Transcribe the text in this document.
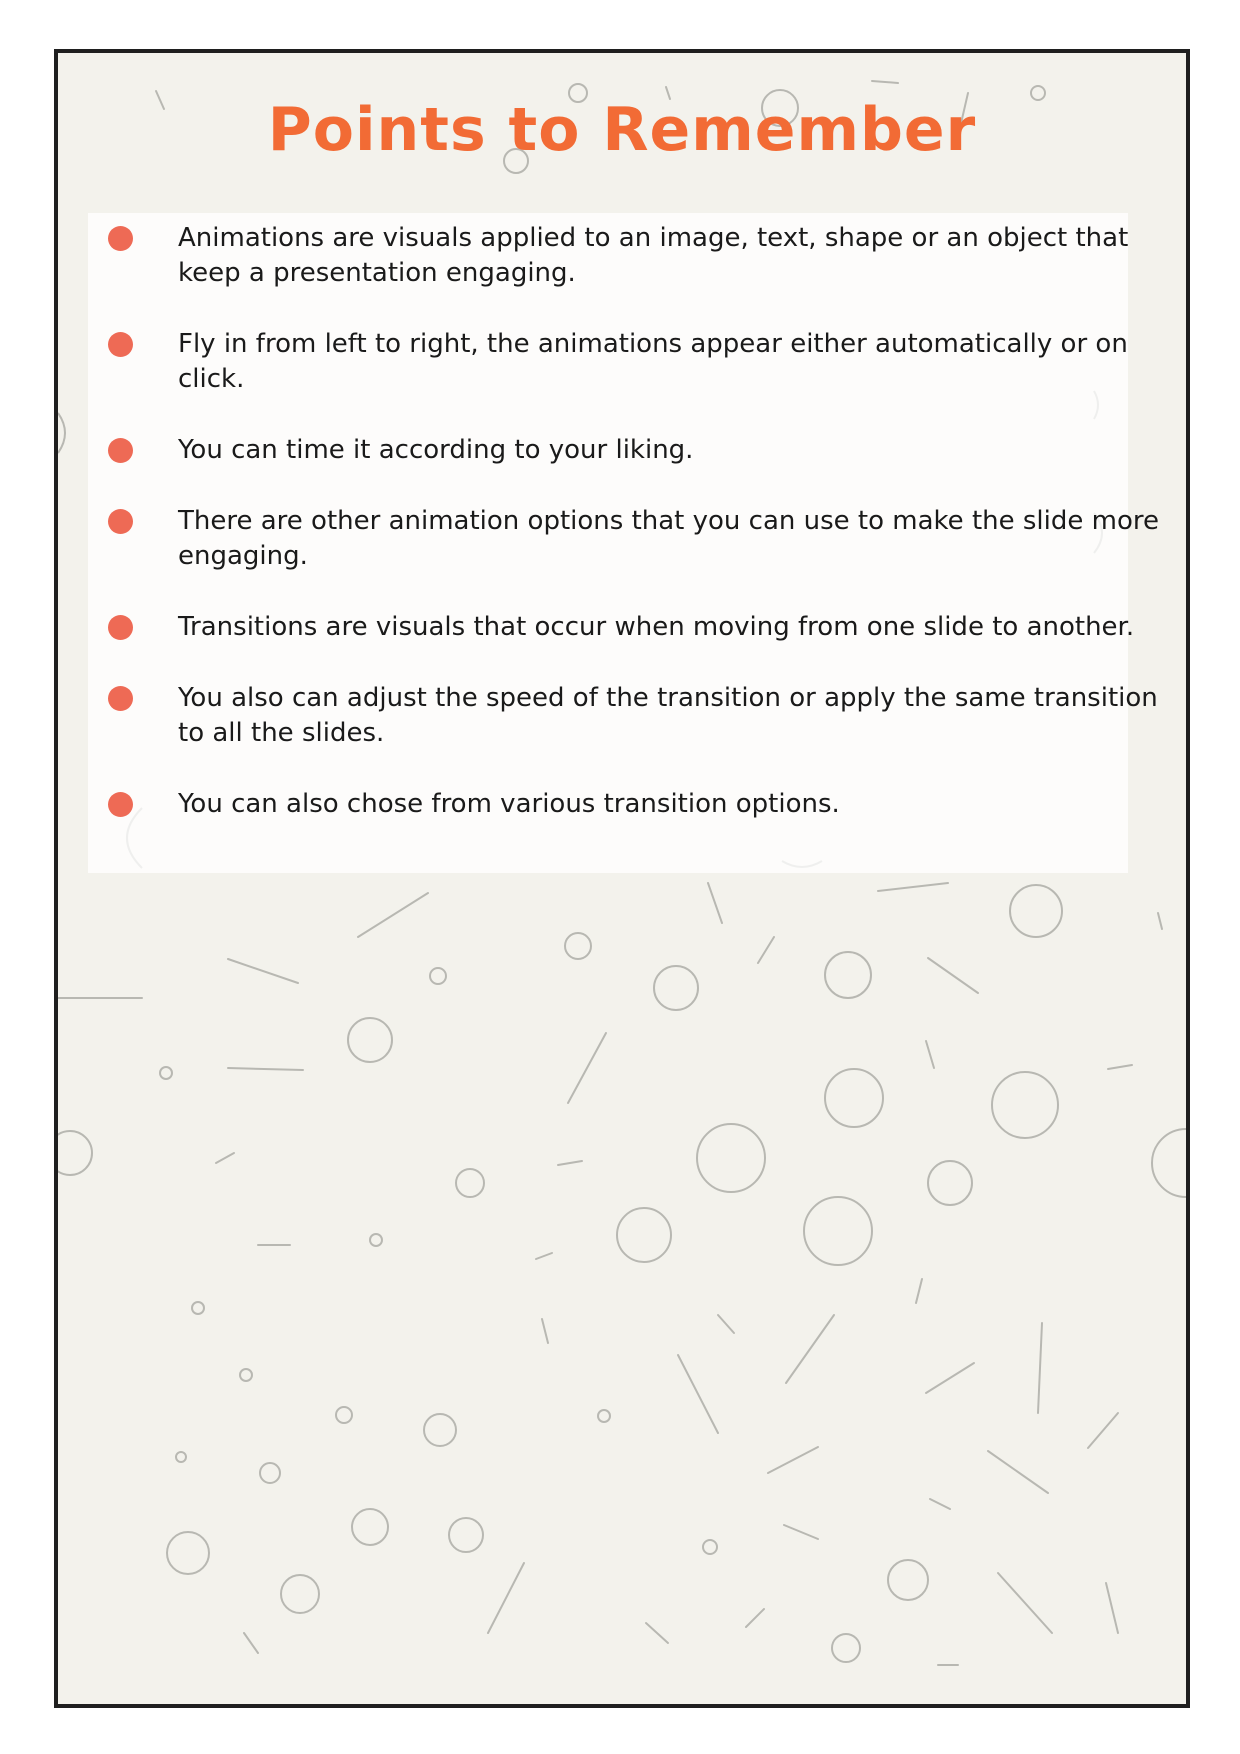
Points to Remember
Animations are visuals applied to an image, text, shape or an object that keep a presentation engaging.
Fly in from left to right, the animations appear either automatically or on click.
You can time it according to your liking.
There are other animation options that you can use to make the slide more engaging.
Transitions are visuals that occur when moving from one slide to another.
You also can adjust the speed of the transition or apply the same transition to all the slides.
You can also chose from various transition options.
